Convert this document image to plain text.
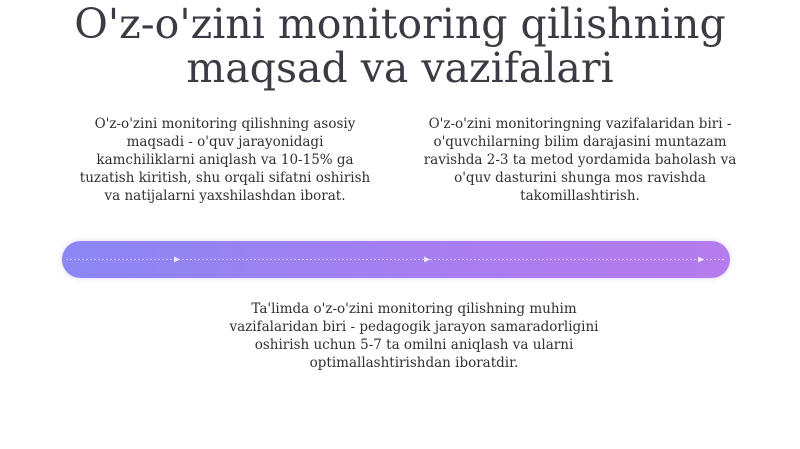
O'z-o'zini monitoring qilishning
maqsad va vazifalari
O'z-o'zini monitoring qilishning asosiy maqsadi - o'quv jarayonidagi kamchiliklarni aniqlash va 10-15% ga tuzatish kiritish, shu orqali sifatni oshirish va natijalarni yaxshilashdan iborat.
O'z-o'zini monitoringning vazifalaridan biri - o'quvchilarning bilim darajasini muntazam ravishda 2-3 ta metod yordamida baholash va o'quv dasturini shunga mos ravishda takomillashtirish.
Ta'limda o'z-o'zini monitoring qilishning muhim vazifalaridan biri - pedagogik jarayon samaradorligini oshirish uchun 5-7 ta omilni aniqlash va ularni optimallashtirishdan iboratdir.
